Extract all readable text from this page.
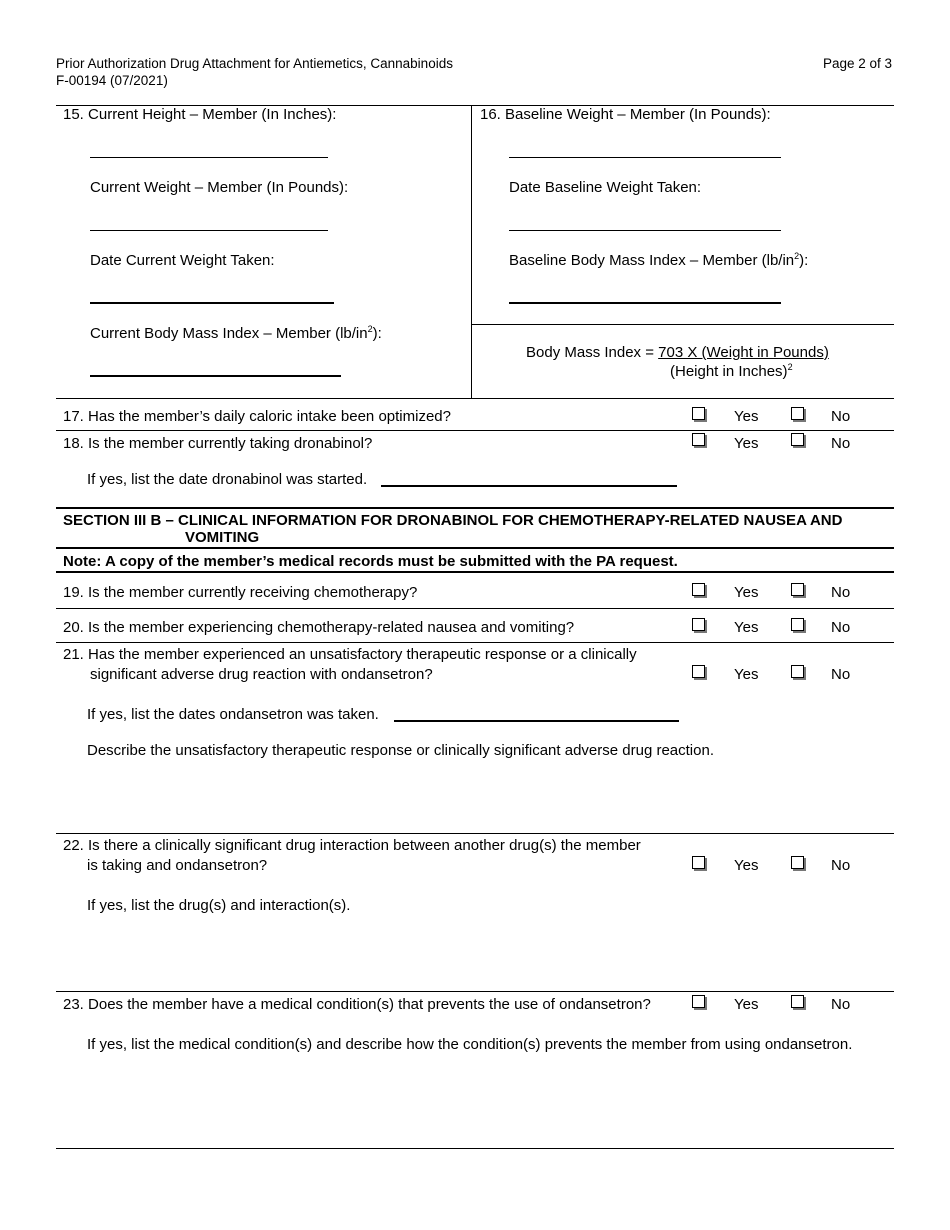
Prior Authorization Drug Attachment for Antiemetics, Cannabinoids
F-00194 (07/2021)
Page 2 of 3
15. Current Height – Member (In Inches):
Current Weight – Member (In Pounds):
Date Current Weight Taken:
Current Body Mass Index – Member $(lb/in^2)$:
16. Baseline Weight – Member (In Pounds):
Date Baseline Weight Taken:
Baseline Body Mass Index – Member $(lb/in^2)$:
Body Mass Index = 703 X (Weight in Pounds)
(Height in Inches)$^2$
17. Has the member’s daily caloric intake been optimized?	Yes	No
18. Is the member currently taking dronabinol?	Yes	No
If yes, list the date dronabinol was started.
SECTION III B – CLINICAL INFORMATION FOR DRONABINOL FOR CHEMOTHERAPY-RELATED NAUSEA AND
VOMITING
Note: A copy of the member’s medical records must be submitted with the PA request.
19. Is the member currently receiving chemotherapy?	Yes	No
20. Is the member experiencing chemotherapy-related nausea and vomiting?	Yes	No
21. Has the member experienced an unsatisfactory therapeutic response or a clinically
significant adverse drug reaction with ondansetron?	Yes	No
If yes, list the dates ondansetron was taken.
Describe the unsatisfactory therapeutic response or clinically significant adverse drug reaction.
22. Is there a clinically significant drug interaction between another drug(s) the member
is taking and ondansetron?	Yes	No
If yes, list the drug(s) and interaction(s).
23. Does the member have a medical condition(s) that prevents the use of ondansetron?	Yes	No
If yes, list the medical condition(s) and describe how the condition(s) prevents the member from using ondansetron.
